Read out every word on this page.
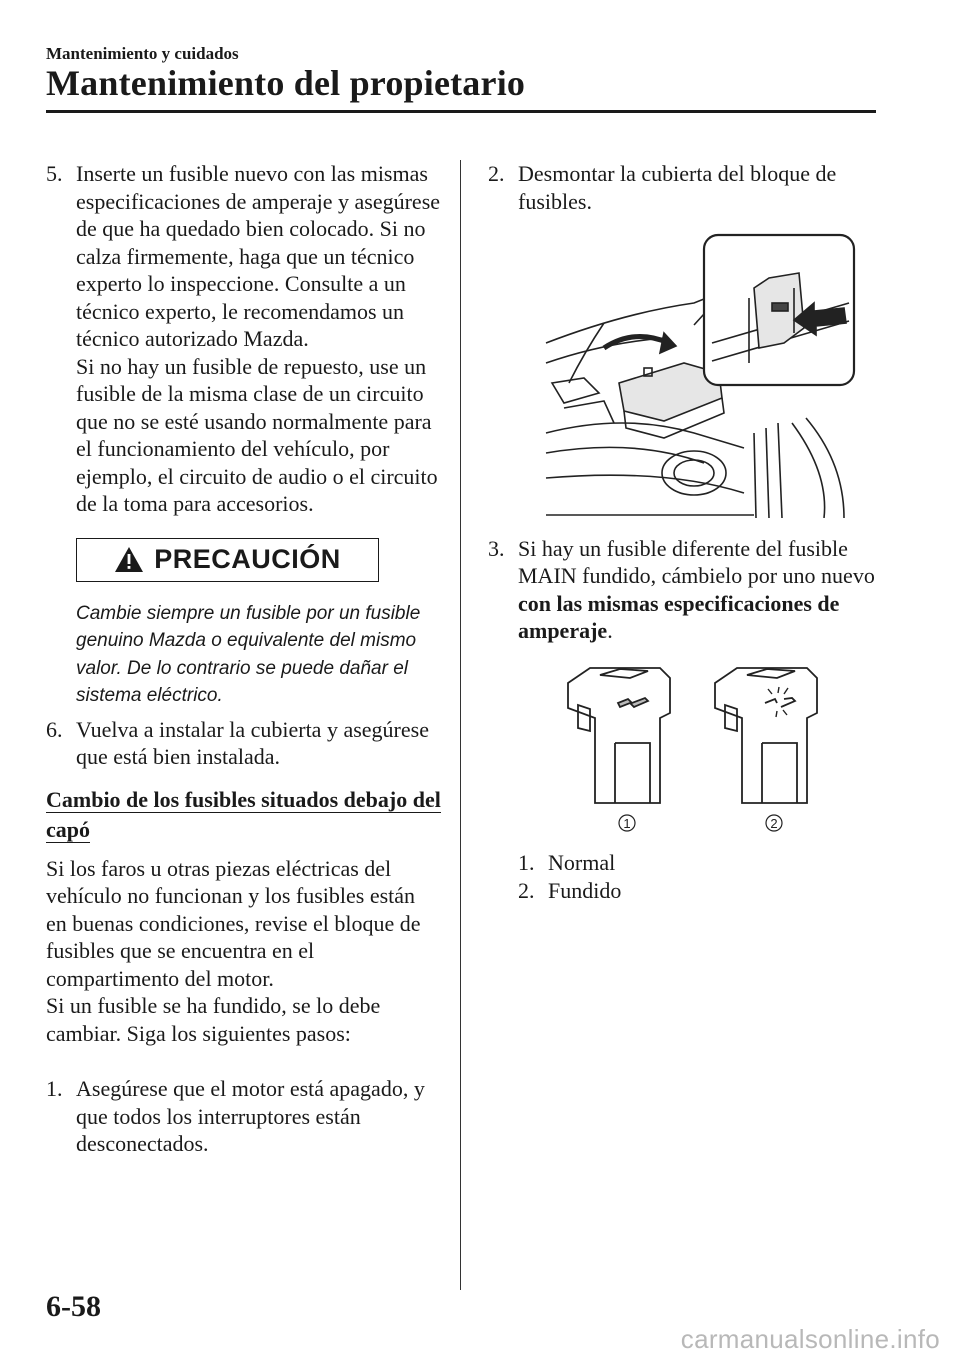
Mantenimiento y cuidados
Mantenimiento del propietario
5. Inserte un fusible nuevo con las mismas especificaciones de amperaje y asegúrese de que ha quedado bien colocado. Si no calza firmemente, haga que un técnico experto lo inspeccione. Consulte a un técnico experto, le recomendamos un técnico autorizado Mazda.

Si no hay un fusible de repuesto, use un fusible de la misma clase de un circuito que no se esté usando normalmente para el funcionamiento del vehículo, por ejemplo, el circuito de audio o el circuito de la toma para accesorios.

PRECAUCIÓN
Cambie siempre un fusible por un fusible genuino Mazda o equivalente del mismo valor. De lo contrario se puede dañar el sistema eléctrico.
6. Vuelva a instalar la cubierta y asegúrese que está bien instalada.

Cambio de los fusibles situados debajo del capó

Si los faros u otras piezas eléctricas del vehículo no funcionan y los fusibles están en buenas condiciones, revise el bloque de fusibles que se encuentra en el compartimento del motor.

Si un fusible se ha fundido, se lo debe cambiar. Siga los siguientes pasos:

1. Asegúrese que el motor está apagado, y que todos los interruptores están desconectados.

2. Desmontar la cubierta del bloque de fusibles.

3. Si hay un fusible diferente del fusible MAIN fundido, cámbielo por uno nuevo con las mismas especificaciones de amperaje.

1	2
1. Normal
2. Fundido
6-58
carmanualsonline.info
